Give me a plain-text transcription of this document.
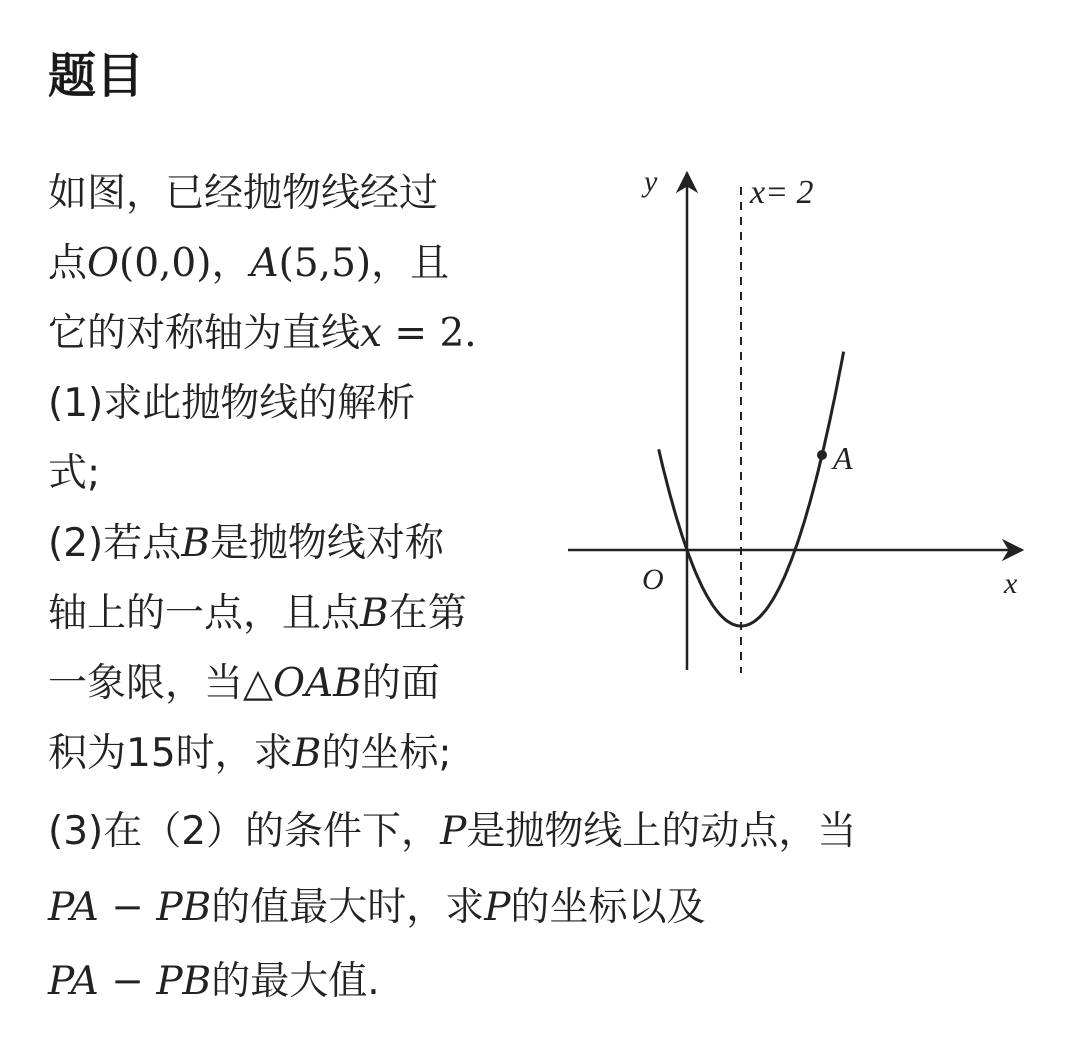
题目

如图，已经抛物线经过

点O(0,0)，A(5,5)，且

它的对称轴为直线x = 2.

(1)求此抛物线的解析

式;

(2)若点B是抛物线对称

轴上的一点，且点B在第

一象限，当△OAB的面

积为15时，求B的坐标;

(3)在（2）的条件下，P是抛物线上的动点，当

PA − PB的值最大时，求P的坐标以及

PA − PB的最大值.

y
x
O
A
x= 2
